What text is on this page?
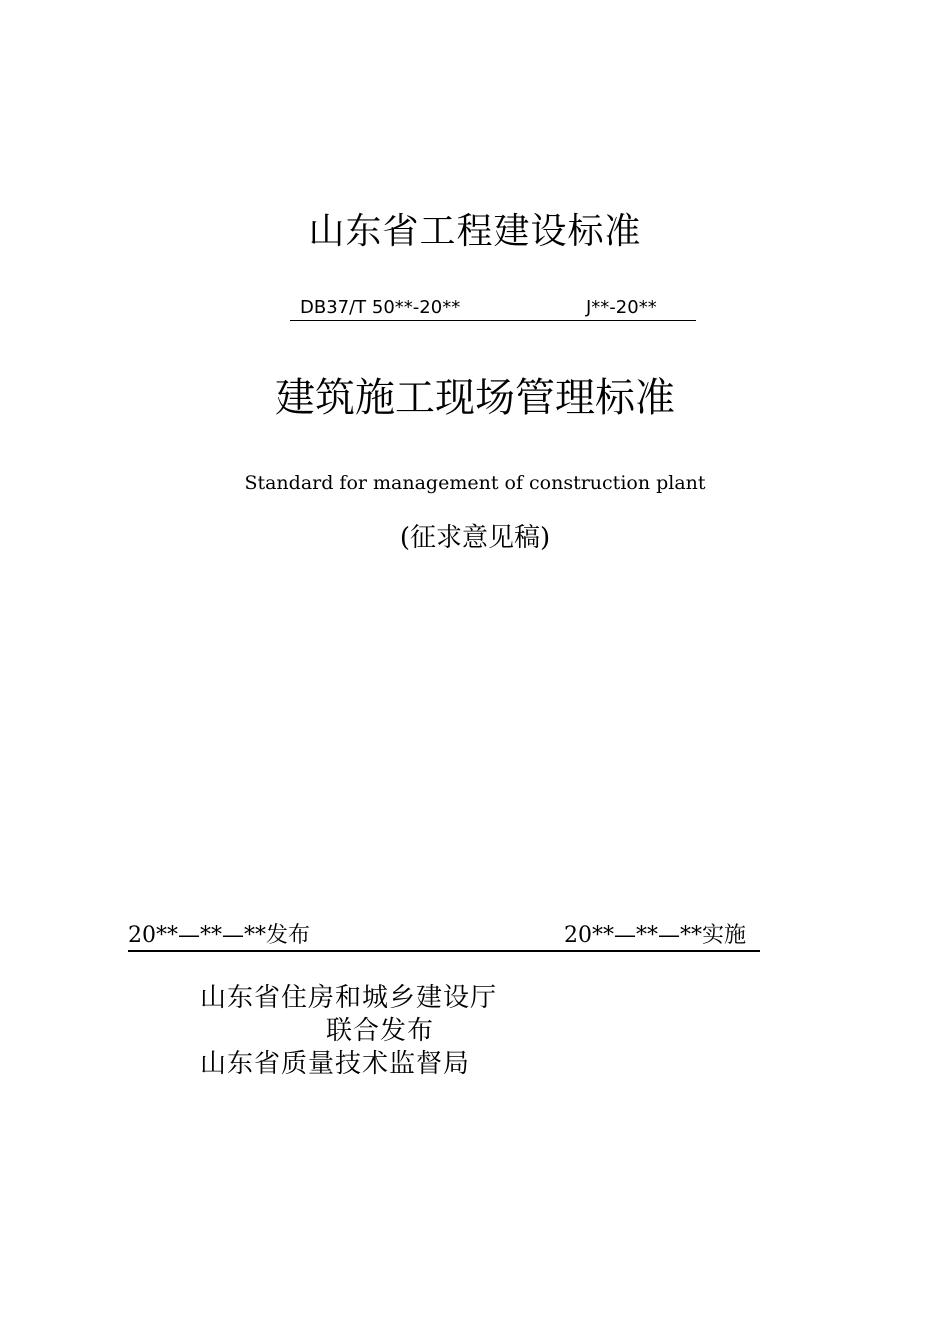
山东省工程建设标准
DB37/T 50**-20**	J**-20**
建筑施工现场管理标准
Standard for management of construction plant
(征求意见稿)
20**—**—**发布	20**—**—**实施
山东省住房和城乡建设厅
联合发布
山东省质量技术监督局
